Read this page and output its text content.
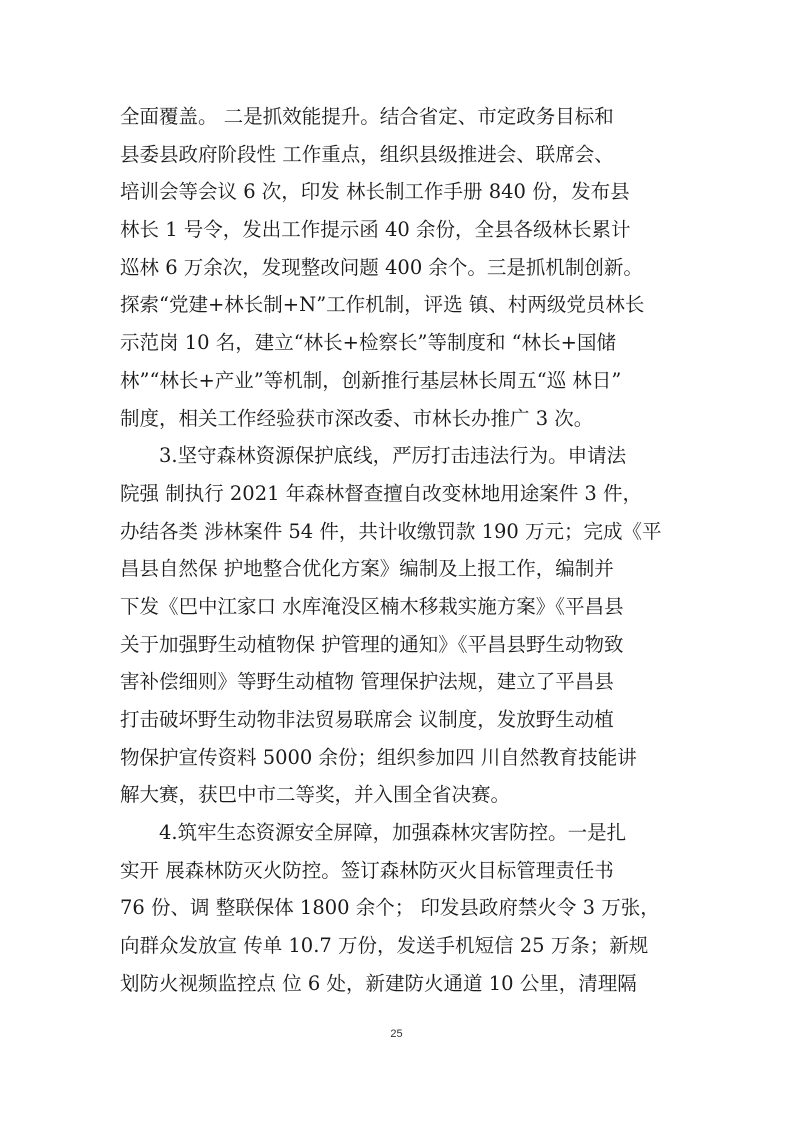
全面覆盖。 二是抓效能提升。结合省定、市定政务目标和
县委县政府阶段性 工作重点，组织县级推进会、联席会、
培训会等会议 6 次，印发 林长制工作手册 840 份，发布县
林长 1 号令，发出工作提示函 40 余份，全县各级林长累计
巡林 6 万余次，发现整改问题 400 余个。三是抓机制创新。
探索“党建+林长制+N”工作机制，评选 镇、村两级党员林长
示范岗 10 名，建立“林长+检察长”等制度和 “林长+国储
林”“林长+产业”等机制，创新推行基层林长周五“巡 林日”
制度，相关工作经验获市深改委、市林长办推广 3 次。
3.坚守森林资源保护底线，严厉打击违法行为。申请法
院强 制执行 2021 年森林督查擅自改变林地用途案件 3 件，
办结各类 涉林案件 54 件，共计收缴罚款 190 万元；完成《平
昌县自然保 护地整合优化方案》编制及上报工作，编制并
下发《巴中江家口 水库淹没区楠木移栽实施方案》《平昌县
关于加强野生动植物保 护管理的通知》《平昌县野生动物致
害补偿细则》等野生动植物 管理保护法规，建立了平昌县
打击破坏野生动物非法贸易联席会 议制度，发放野生动植
物保护宣传资料 5000 余份；组织参加四 川自然教育技能讲
解大赛，获巴中市二等奖，并入围全省决赛。
4.筑牢生态资源安全屏障，加强森林灾害防控。一是扎
实开 展森林防灭火防控。签订森林防灭火目标管理责任书
76 份、调 整联保体 1800 余个； 印发县政府禁火令 3 万张，
向群众发放宣 传单 10.7 万份，发送手机短信 25 万条；新规
划防火视频监控点 位 6 处，新建防火通道 10 公里，清理隔
25
